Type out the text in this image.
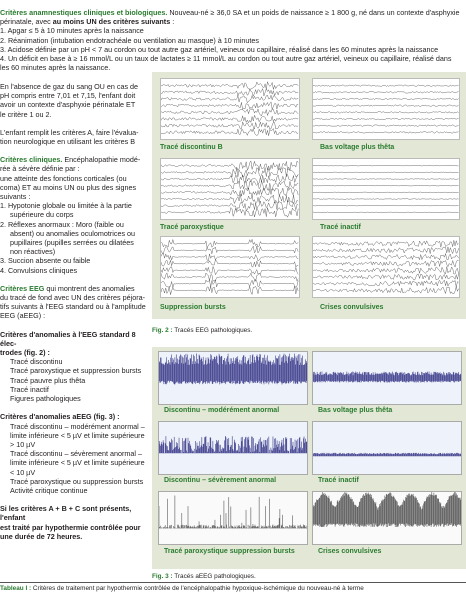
Critères anamnestiques cliniques et biologiques. Nouveau-né ≥ 36,0 SA et un poids de naissance ≥ 1 800 g, né dans un contexte d'asphyxie
périnatale, avec au moins UN des critères suivants :
1. Apgar ≤ 5 à 10 minutes après la naissance
2. Réanimation (intubation endotrachéale ou ventilation au masque) à 10 minutes
3. Acidose définie par un pH < 7 au cordon ou tout autre gaz artériel, veineux ou capillaire, réalisé dans les 60 minutes après la naissance
4. Un déficit en base à ≥ 16 mmol/L ou un taux de lactates ≥ 11 mmol/L au cordon ou tout autre gaz artériel, veineux ou capillaire, réalisé dans
les 60 minutes après la naissance.

En l'absence de gaz du sang OU en cas de

pH compris entre 7,01 et 7,15, l'enfant doit

avoir un contexte d'asphyxie périnatale ET

le critère 1 ou 2.

L'enfant remplit les critères A, faire l'évalua-

tion neurologique en utilisant les critères B

Critères cliniques. Encéphalopathie modé-

rée à sévère définie par :

une atteinte des fonctions corticales (ou

coma) ET au moins UN ou plus des signes

suivants :

1. Hypotonie globale ou limitée à la partie

supérieure du corps

2. Réflexes anormaux : Moro (faible ou

absent) ou anomalies oculomotrices ou

pupillaires (pupilles serrées ou dilatées

non réactives)

3. Succion absente ou faible

4. Convulsions cliniques

Critères EEG qui montrent des anomalies

du tracé de fond avec UN des critères péjora-

tifs suivants à l'EEG standard ou à l'amplitude

EEG (aEEG) :

Critères d'anomalies à l'EEG standard 8 élec-

trodes (fig. 2) :

Tracé discontinu

Tracé paroxystique et suppression bursts

Tracé pauvre plus thêta

Tracé inactif

Figures pathologiques

Critères d'anomalies aEEG (fig. 3) :

Tracé discontinu – modérément anormal –

limite inférieure < 5 µV et limite supérieure

> 10 µV

Tracé discontinu – sévèrement anormal –

limite inférieure < 5 µV et limite supérieure

< 10 µV

Tracé paroxystique ou suppression bursts

Activité critique continue

Si les critères A + B + C sont présents, l'enfant

est traité par hypothermie contrôlée pour

une durée de 72 heures.

Tracé discontinu B	Bas voltage plus thêta
Tracé paroxystique	Tracé inactif
Suppression bursts	Crises convulsives
Fig. 2 : Tracés EEG pathologiques.
Discontinu – modérément anormal	Bas voltage plus thêta
Discontinu – sévèrement anormal	Tracé inactif
Tracé paroxystique suppression bursts	Crises convulsives
Fig. 3 : Tracés aEEG pathologiques.
Tableau I : Critères de traitement par hypothermie contrôlée de l'encéphalopathie hypoxique-ischémique du nouveau-né à terme
